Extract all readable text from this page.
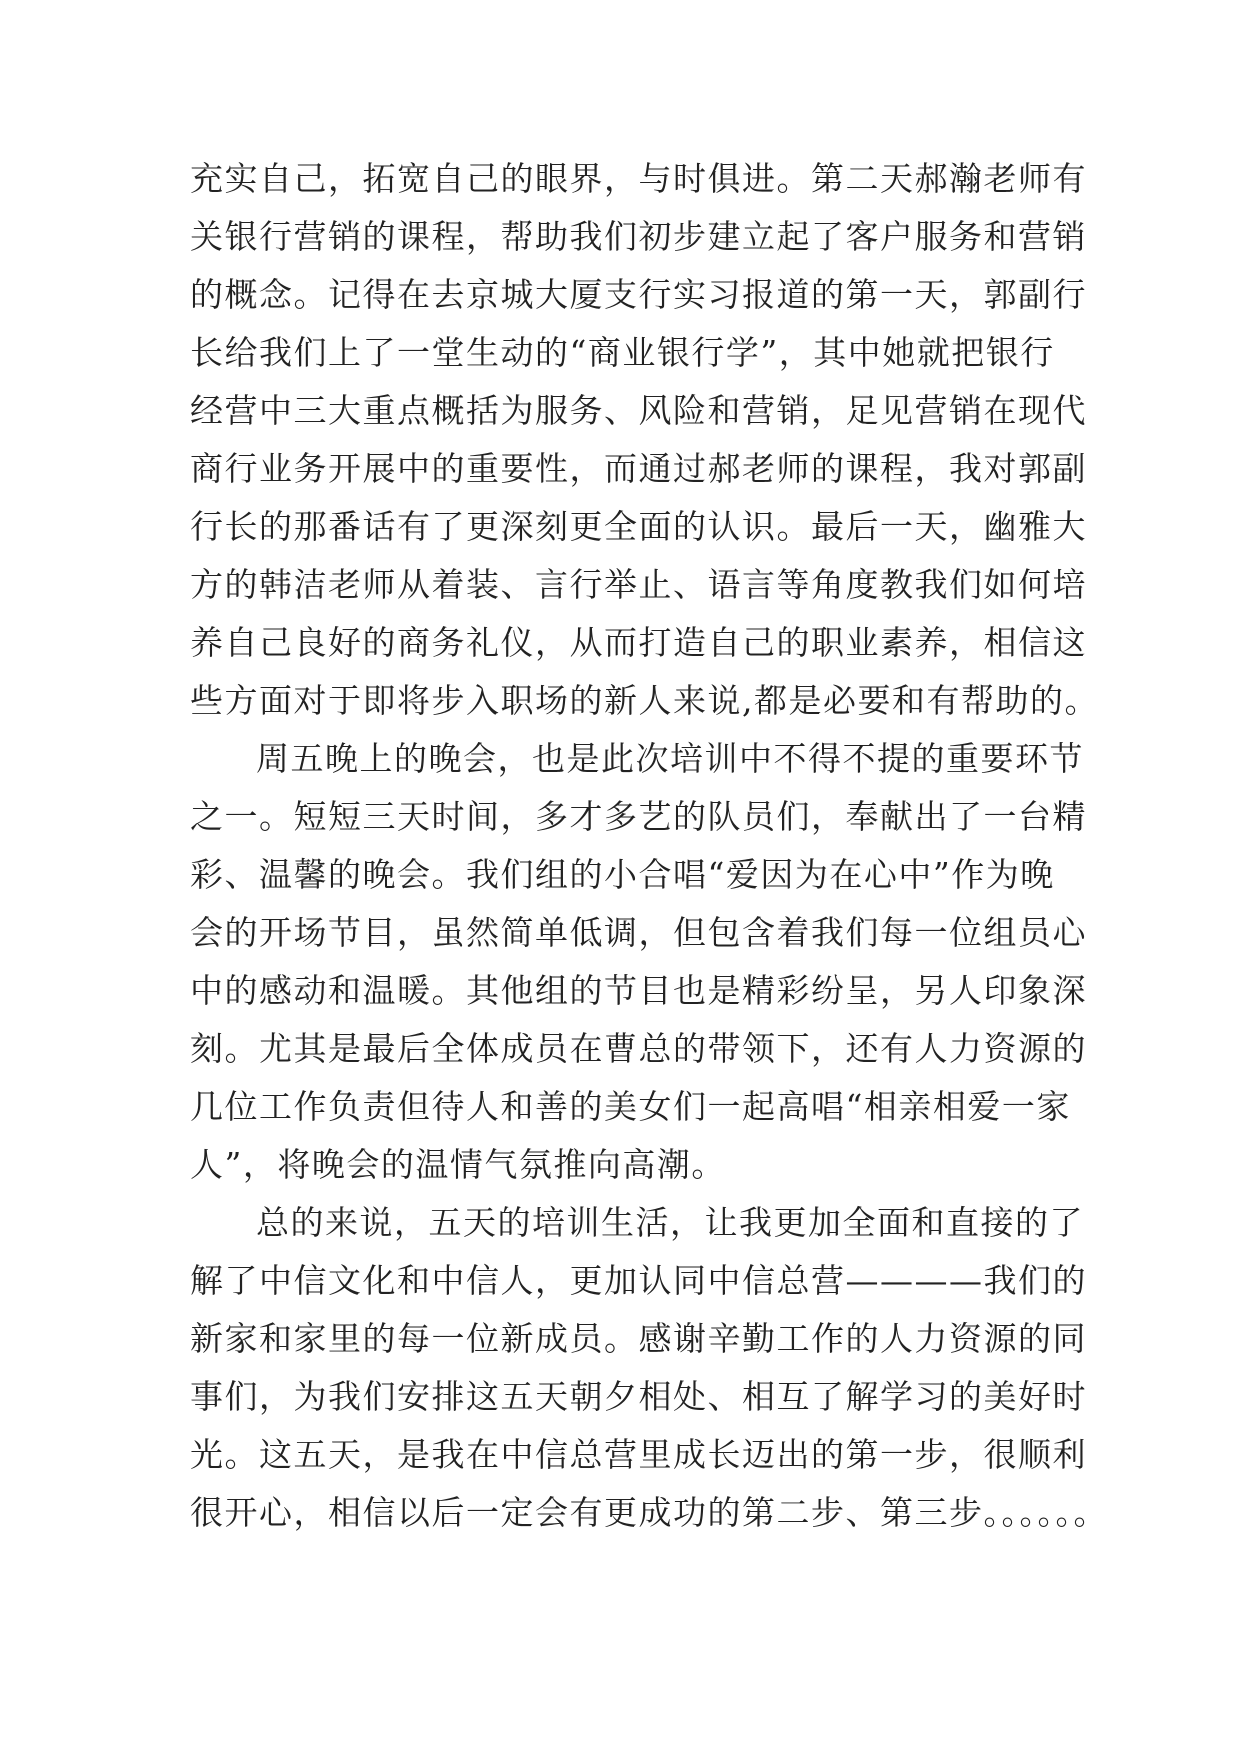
充实自己，拓宽自己的眼界，与时俱进。第二天郝瀚老师有
关银行营销的课程，帮助我们初步建立起了客户服务和营销
的概念。记得在去京城大厦支行实习报道的第一天，郭副行
长给我们上了一堂生动的“商业银行学”，其中她就把银行
经营中三大重点概括为服务、风险和营销，足见营销在现代
商行业务开展中的重要性，而通过郝老师的课程，我对郭副
行长的那番话有了更深刻更全面的认识。最后一天，幽雅大
方的韩洁老师从着装、言行举止、语言等角度教我们如何培
养自己良好的商务礼仪，从而打造自己的职业素养，相信这
些方面对于即将步入职场的新人来说,都是必要和有帮助的。
周五晚上的晚会，也是此次培训中不得不提的重要环节
之一。短短三天时间，多才多艺的队员们，奉献出了一台精
彩、温馨的晚会。我们组的小合唱“爱因为在心中”作为晚
会的开场节目，虽然简单低调，但包含着我们每一位组员心
中的感动和温暖。其他组的节目也是精彩纷呈，另人印象深
刻。尤其是最后全体成员在曹总的带领下，还有人力资源的
几位工作负责但待人和善的美女们一起高唱“相亲相爱一家
人”，将晚会的温情气氛推向高潮。
总的来说，五天的培训生活，让我更加全面和直接的了
解了中信文化和中信人，更加认同中信总营————我们的
新家和家里的每一位新成员。感谢辛勤工作的人力资源的同
事们，为我们安排这五天朝夕相处、相互了解学习的美好时
光。这五天，是我在中信总营里成长迈出的第一步，很顺利
很开心，相信以后一定会有更成功的第二步、第三步。。。。。。
